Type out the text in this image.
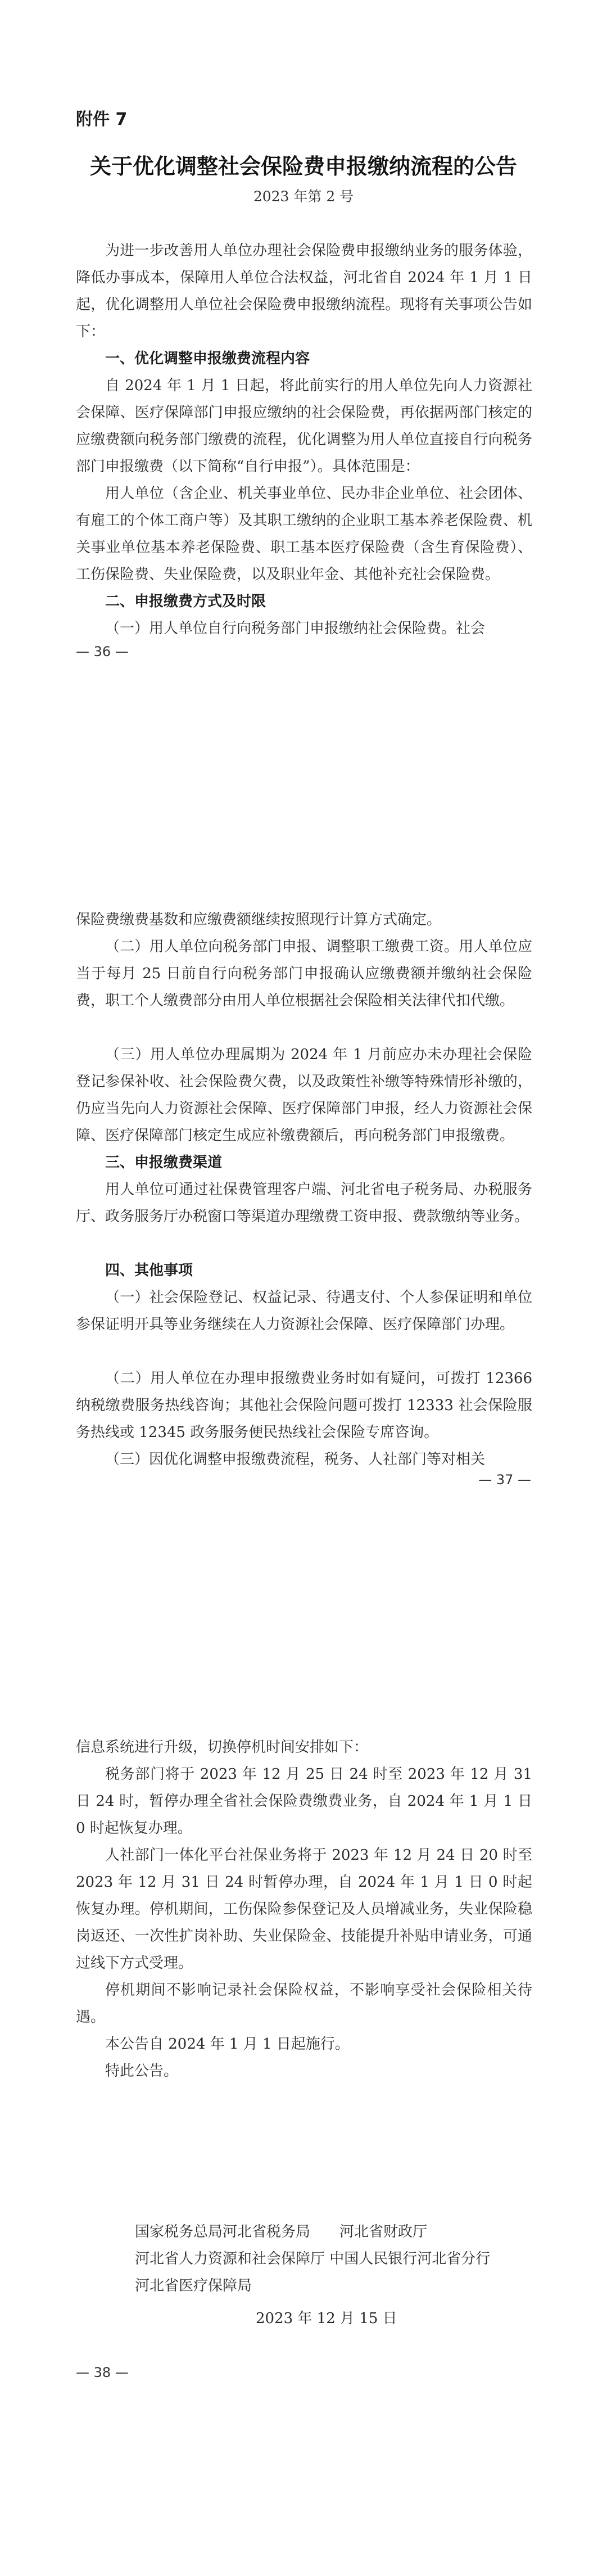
附件 7
关于优化调整社会保险费申报缴纳流程的公告
2023 年第 2 号

为进一步改善用人单位办理社会保险费申报缴纳业务的服务体验，降低办事成本，保障用人单位合法权益，河北省自 2024 年 1 月 1 日起，优化调整用人单位社会保险费申报缴纳流程。现将有关事项公告如下：

一、优化调整申报缴费流程内容

自 2024 年 1 月 1 日起，将此前实行的用人单位先向人力资源社会保障、医疗保障部门申报应缴纳的社会保险费，再依据两部门核定的应缴费额向税务部门缴费的流程，优化调整为用人单位直接自行向税务部门申报缴费（以下简称“自行申报”）。具体范围是：

用人单位（含企业、机关事业单位、民办非企业单位、社会团体、有雇工的个体工商户等）及其职工缴纳的企业职工基本养老保险费、机关事业单位基本养老保险费、职工基本医疗保险费（含生育保险费）、工伤保险费、失业保险费，以及职业年金、其他补充社会保险费。

二、申报缴费方式及时限

（一）用人单位自行向税务部门申报缴纳社会保险费。社会

— 36 —

保险费缴费基数和应缴费额继续按照现行计算方式确定。

（二）用人单位向税务部门申报、调整职工缴费工资。用人单位应当于每月 25 日前自行向税务部门申报确认应缴费额并缴纳社会保险费，职工个人缴费部分由用人单位根据社会保险相关法律代扣代缴。

（三）用人单位办理属期为 2024 年 1 月前应办未办理社会保险登记参保补收、社会保险费欠费，以及政策性补缴等特殊情形补缴的，仍应当先向人力资源社会保障、医疗保障部门申报，经人力资源社会保障、医疗保障部门核定生成应补缴费额后，再向税务部门申报缴费。

三、申报缴费渠道

用人单位可通过社保费管理客户端、河北省电子税务局、办税服务厅、政务服务厅办税窗口等渠道办理缴费工资申报、费款缴纳等业务。

四、其他事项

（一）社会保险登记、权益记录、待遇支付、个人参保证明和单位参保证明开具等业务继续在人力资源社会保障、医疗保障部门办理。

（二）用人单位在办理申报缴费业务时如有疑问，可拨打 12366 纳税缴费服务热线咨询；其他社会保险问题可拨打 12333 社会保险服务热线或 12345 政务服务便民热线社会保险专席咨询。

（三）因优化调整申报缴费流程，税务、人社部门等对相关

— 37 —

信息系统进行升级，切换停机时间安排如下：

税务部门将于 2023 年 12 月 25 日 24 时至 2023 年 12 月 31 日 24 时，暂停办理全省社会保险费缴费业务，自 2024 年 1 月 1 日 0 时起恢复办理。

人社部门一体化平台社保业务将于 2023 年 12 月 24 日 20 时至 2023 年 12 月 31 日 24 时暂停办理，自 2024 年 1 月 1 日 0 时起恢复办理。停机期间，工伤保险参保登记及人员增减业务，失业保险稳岗返还、一次性扩岗补助、失业保险金、技能提升补贴申请业务，可通过线下方式受理。

停机期间不影响记录社会保险权益，不影响享受社会保险相关待遇。

本公告自 2024 年 1 月 1 日起施行。

特此公告。

国家税务总局河北省税务局　　河北省财政厅
河北省人力资源和社会保障厅 中国人民银行河北省分行
河北省医疗保障局
2023 年 12 月 15 日
— 38 —
